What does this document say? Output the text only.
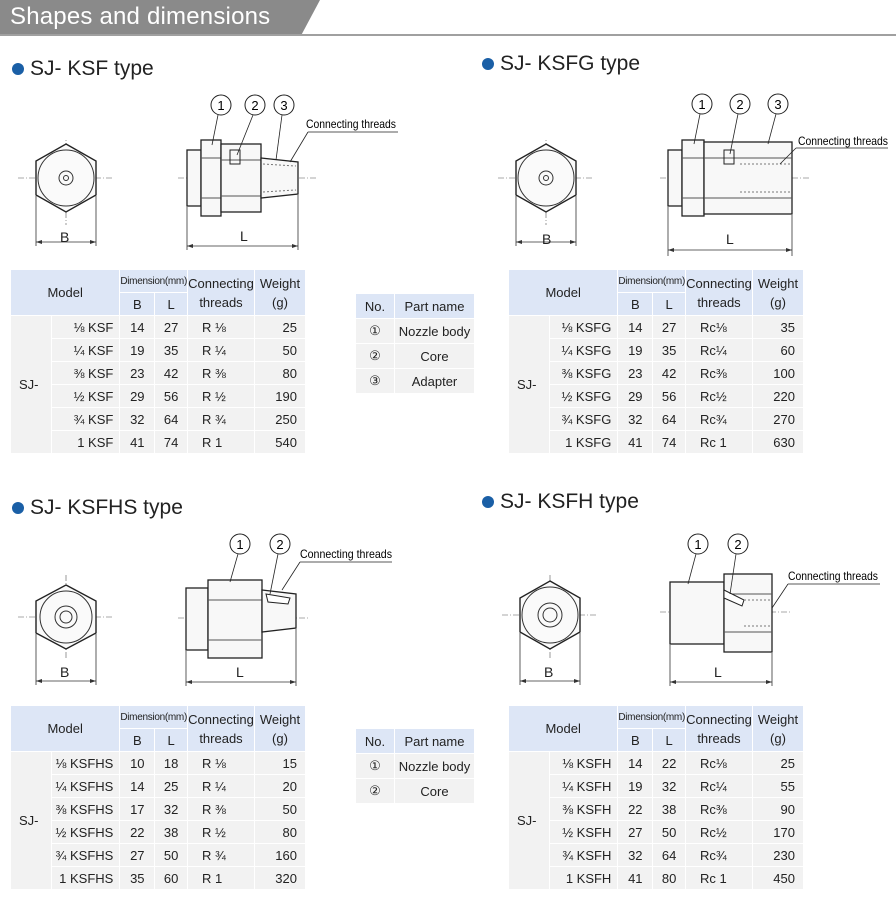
Shapes and dimensions
SJ- KSF type	SJ- KSFG type
SJ- KSFHS type	SJ- KSFH type
B
1 2 3
Connecting threads
L	B
1 2 3
Connecting threads
L
B
1	2
Connecting threads
L	B
1	2
Connecting threads
L
Model		Dimension(mm)		Connecting
threads	Weight
(g)
		B	L		
SJ-	⅛ KSF	14	27	R ⅛	25
	¼ KSF	19	35	R ¼	50
	⅜ KSF	23	42	R ⅜	80
	½ KSF	29	56	R ½	190
	¾ KSF	32	64	R ¾	250
	1 KSF	41	74	R 1	540
Model		Dimension(mm)		Connecting
threads	Weight
(g)
		B	L		
SJ-	⅛ KSFG	14	27	Rc⅛	35
	¼ KSFG	19	35	Rc¼	60
	⅜ KSFG	23	42	Rc⅜	100
	½ KSFG	29	56	Rc½	220
	¾ KSFG	32	64	Rc¾	270
	1 KSFG	41	74	Rc 1	630
Model		Dimension(mm)		Connecting
threads	Weight
(g)
		B	L		
SJ-	⅛ KSFHS	10	18	R ⅛	15
	¼ KSFHS	14	25	R ¼	20
	⅜ KSFHS	17	32	R ⅜	50
	½ KSFHS	22	38	R ½	80
	¾ KSFHS	27	50	R ¾	160
	1 KSFHS	35	60	R 1	320
Model		Dimension(mm)		Connecting
threads	Weight
(g)
		B	L		
SJ-	⅛ KSFH	14	22	Rc⅛	25
	¼ KSFH	19	32	Rc¼	55
	⅜ KSFH	22	38	Rc⅜	90
	½ KSFH	27	50	Rc½	170
	¾ KSFH	32	64	Rc¾	230
	1 KSFH	41	80	Rc 1	450
No.	Part name
①	Nozzle body
②	Core
③	Adapter
No.	Part name
①	Nozzle body
②	Core
